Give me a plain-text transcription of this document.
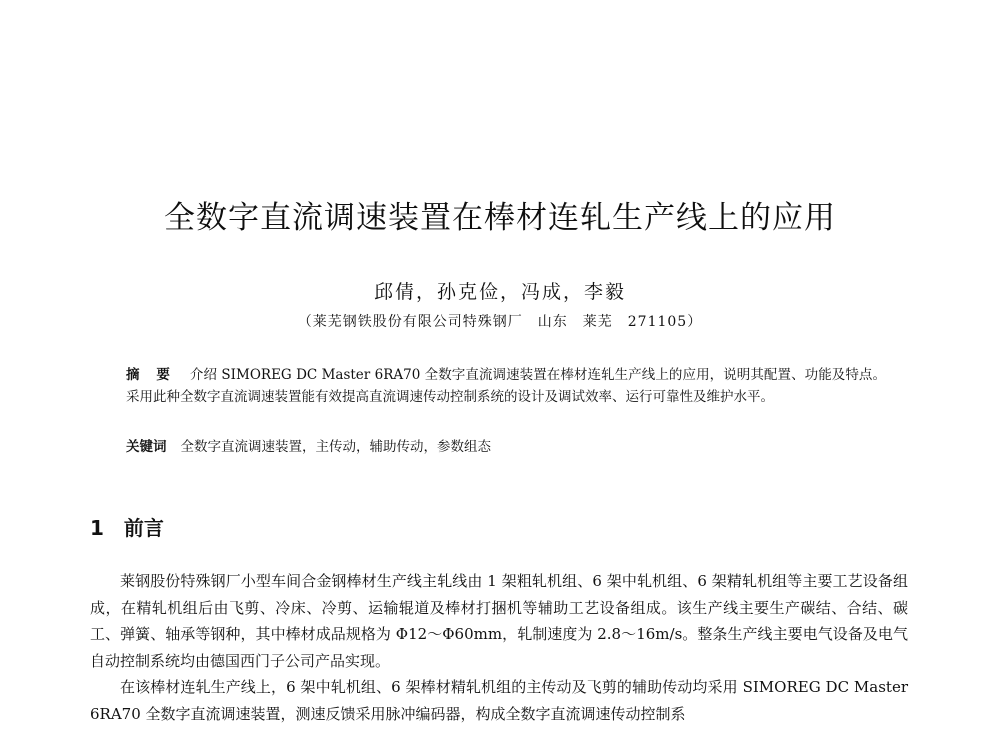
全数字直流调速装置在棒材连轧生产线上的应用
邱倩，孙克俭，冯成，李毅
（莱芜钢铁股份有限公司特殊钢厂　山东　莱芜　271105）
摘 要 介绍 SIMOREG DC Master 6RA70 全数字直流调速装置在棒材连轧生产线上的应用，说明其配置、功能及特点。采用此种全数字直流调速装置能有效提高直流调速传动控制系统的设计及调试效率、运行可靠性及维护水平。
关键词 全数字直流调速装置，主传动，辅助传动，参数组态
1 前言

莱钢股份特殊钢厂小型车间合金钢棒材生产线主轧线由 1 架粗轧机组、6 架中轧机组、6 架精轧机组等主要工艺设备组成，在精轧机组后由飞剪、冷床、冷剪、运输辊道及棒材打捆机等辅助工艺设备组成。该生产线主要生产碳结、合结、碳工、弹簧、轴承等钢种，其中棒材成品规格为 Φ12～Φ60mm，轧制速度为 2.8～16m/s。整条生产线主要电气设备及电气自动控制系统均由德国西门子公司产品实现。

在该棒材连轧生产线上，6 架中轧机组、6 架棒材精轧机组的主传动及飞剪的辅助传动均采用 SIMOREG DC Master 6RA70 全数字直流调速装置，测速反馈采用脉冲编码器，构成全数字直流调速传动控制系
